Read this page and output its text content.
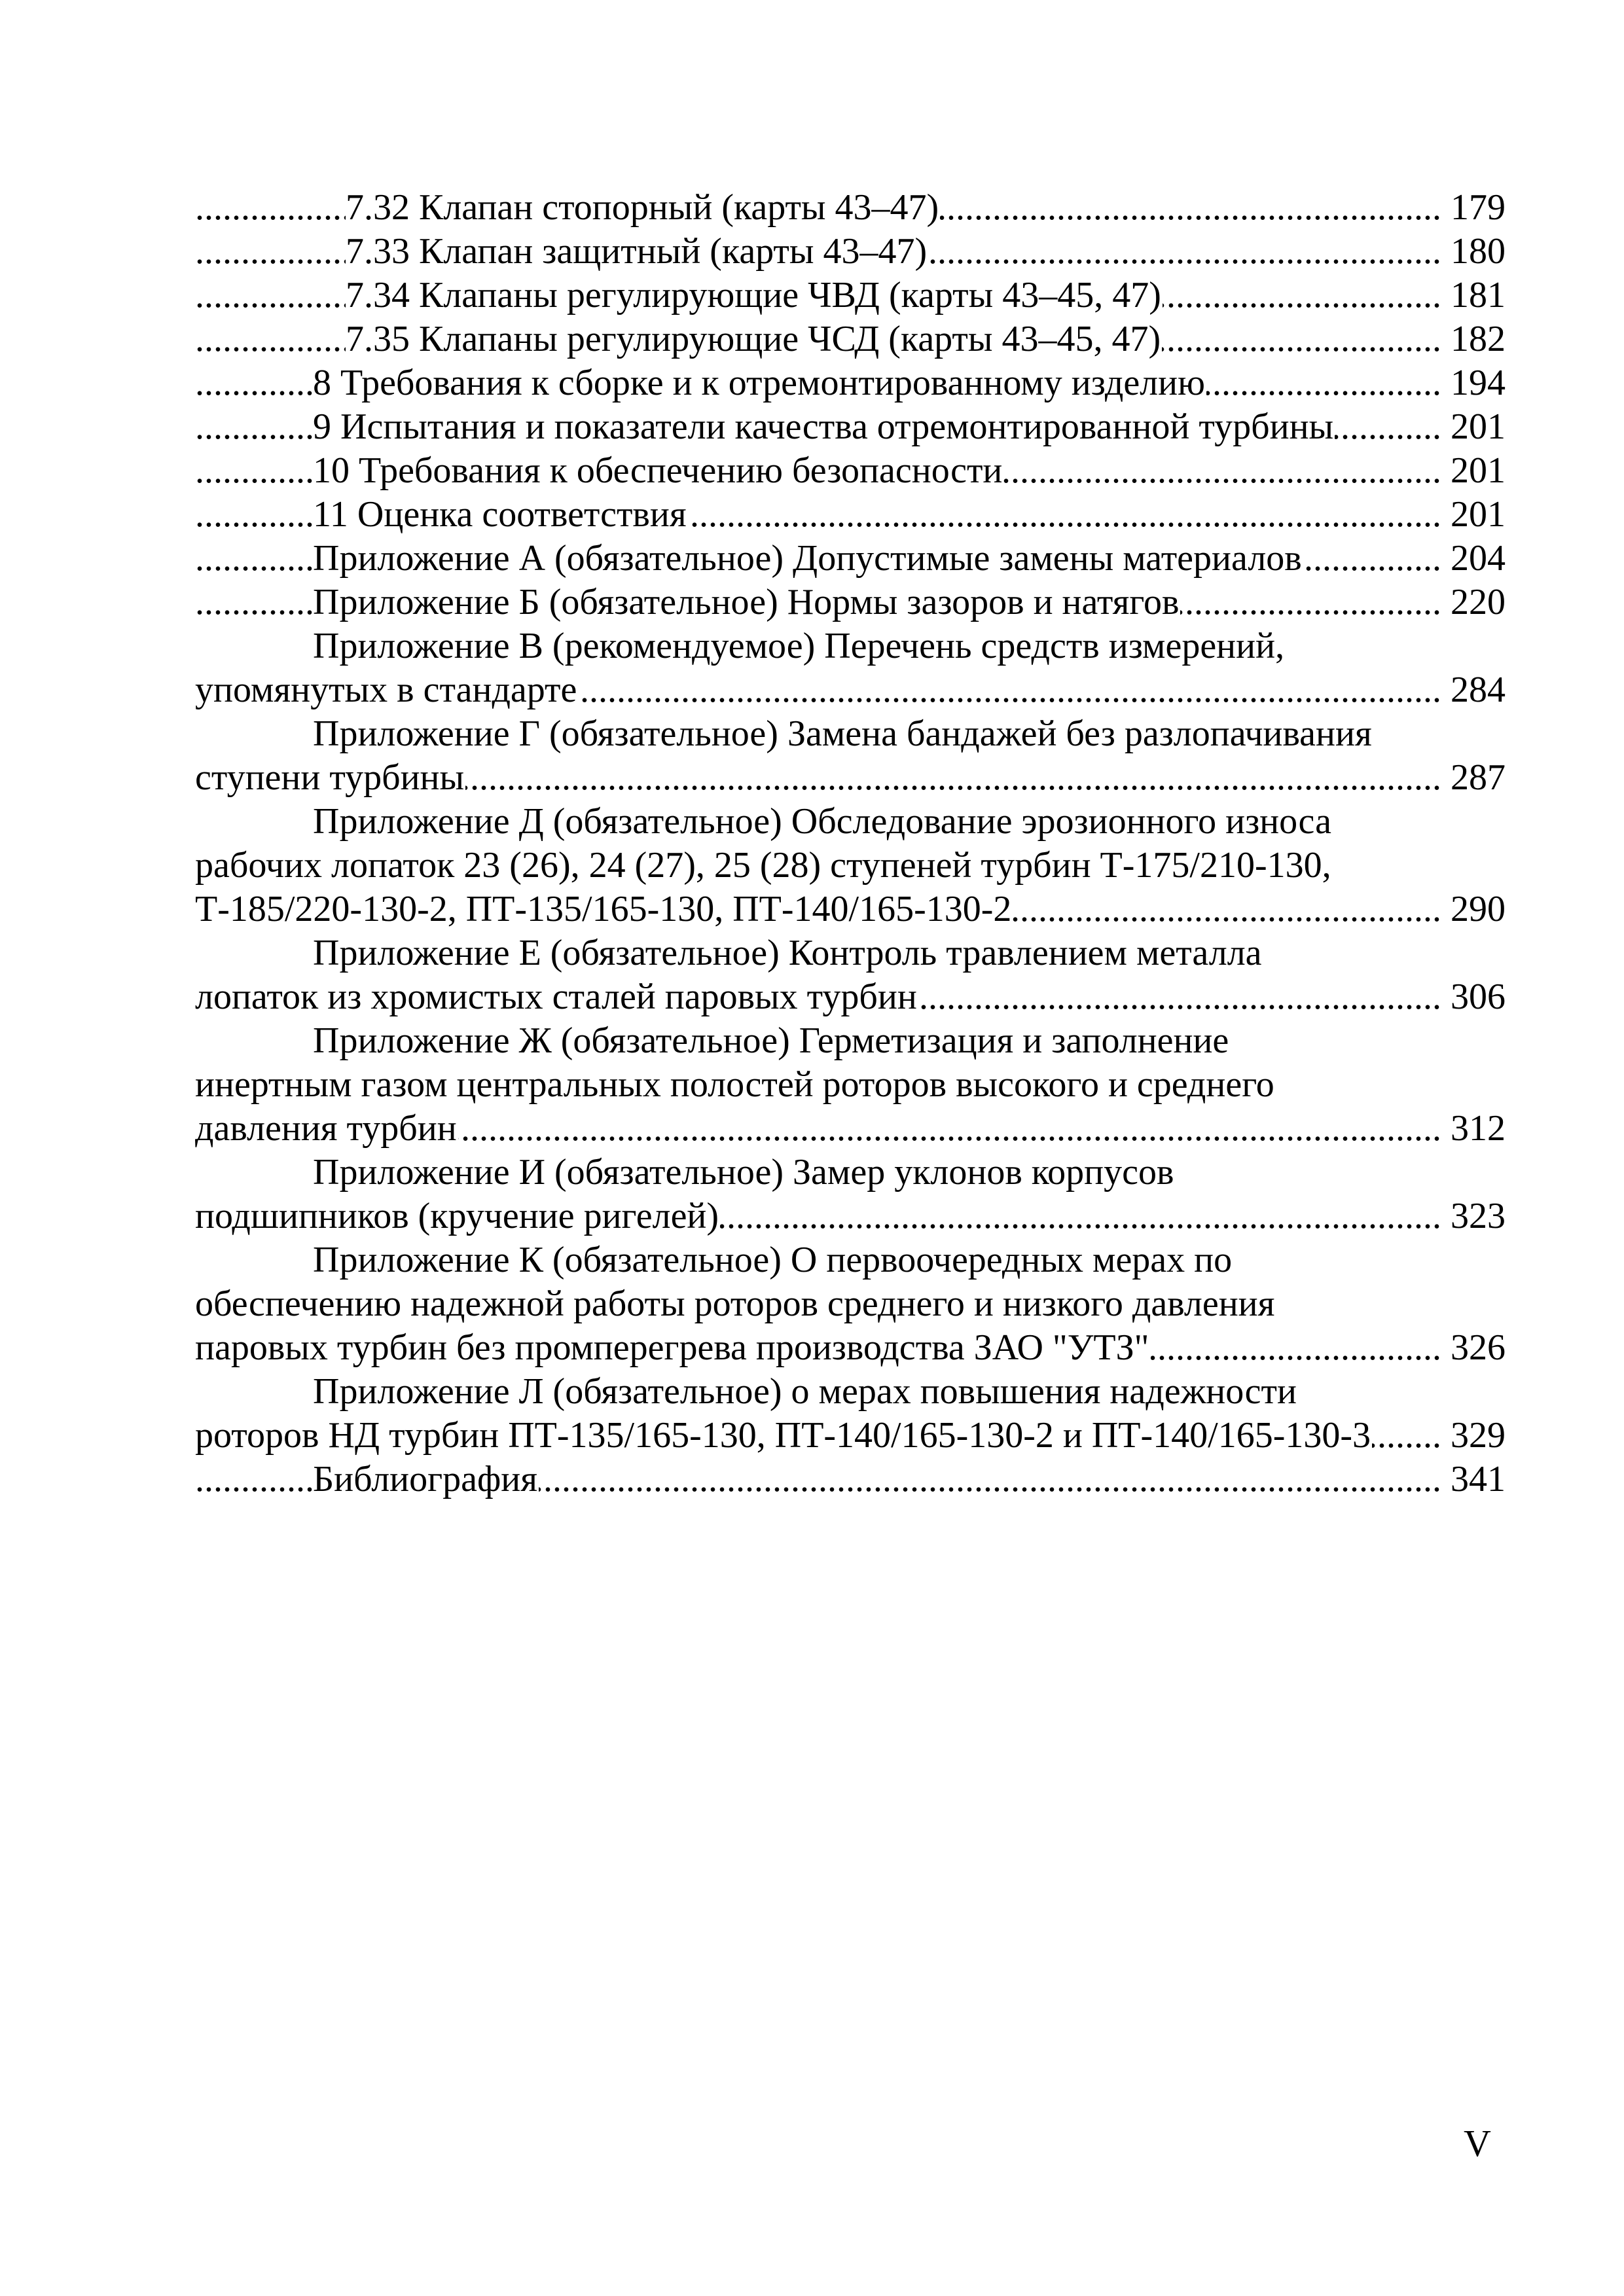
..... 7.32 Клапан стопорный (карты 43–47)	179
..... 7.33 Клапан защитный (карты 43–47)	180
..... 7.34 Клапаны регулирующие ЧВД (карты 43–45, 47)	181
..... 7.35 Клапаны регулирующие ЧСД (карты 43–45, 47)	182
..... 8 Требования к сборке и к отремонтированному изделию	194
..... 9 Испытания и показатели качества отремонтированной турбины	201
..... 10 Требования к обеспечению безопасности	201
..... 11 Оценка соответствия	201
..... Приложение А (обязательное) Допустимые замены материалов	204
..... Приложение Б (обязательное) Нормы зазоров и натягов	220
Приложение В (рекомендуемое) Перечень средств измерений,
..... упомянутых в стандарте	284
Приложение Г (обязательное) Замена бандажей без разлопачивания
..... ступени турбины	287
Приложение Д (обязательное) Обследование эрозионного износа
рабочих лопаток 23 (26), 24 (27), 25 (28) ступеней турбин Т-175/210-130,
..... Т-185/220-130-2, ПТ-135/165-130, ПТ-140/165-130-2	290
Приложение Е (обязательное) Контроль травлением металла
..... лопаток из хромистых сталей паровых турбин	306
Приложение Ж (обязательное) Герметизация и заполнение
инертным газом центральных полостей роторов высокого и среднего
..... давления турбин	312
Приложение И (обязательное) Замер уклонов корпусов
..... подшипников (кручение ригелей)	323
Приложение К (обязательное) О первоочередных мерах по
обеспечению надежной работы роторов среднего и низкого давления
..... паровых турбин без промперегрева производства ЗАО "УТЗ"	326
Приложение Л (обязательное) о мерах повышения надежности
..... роторов НД турбин ПТ-135/165-130, ПТ-140/165-130-2 и ПТ-140/165-130-3 329
..... Библиография	341
V
